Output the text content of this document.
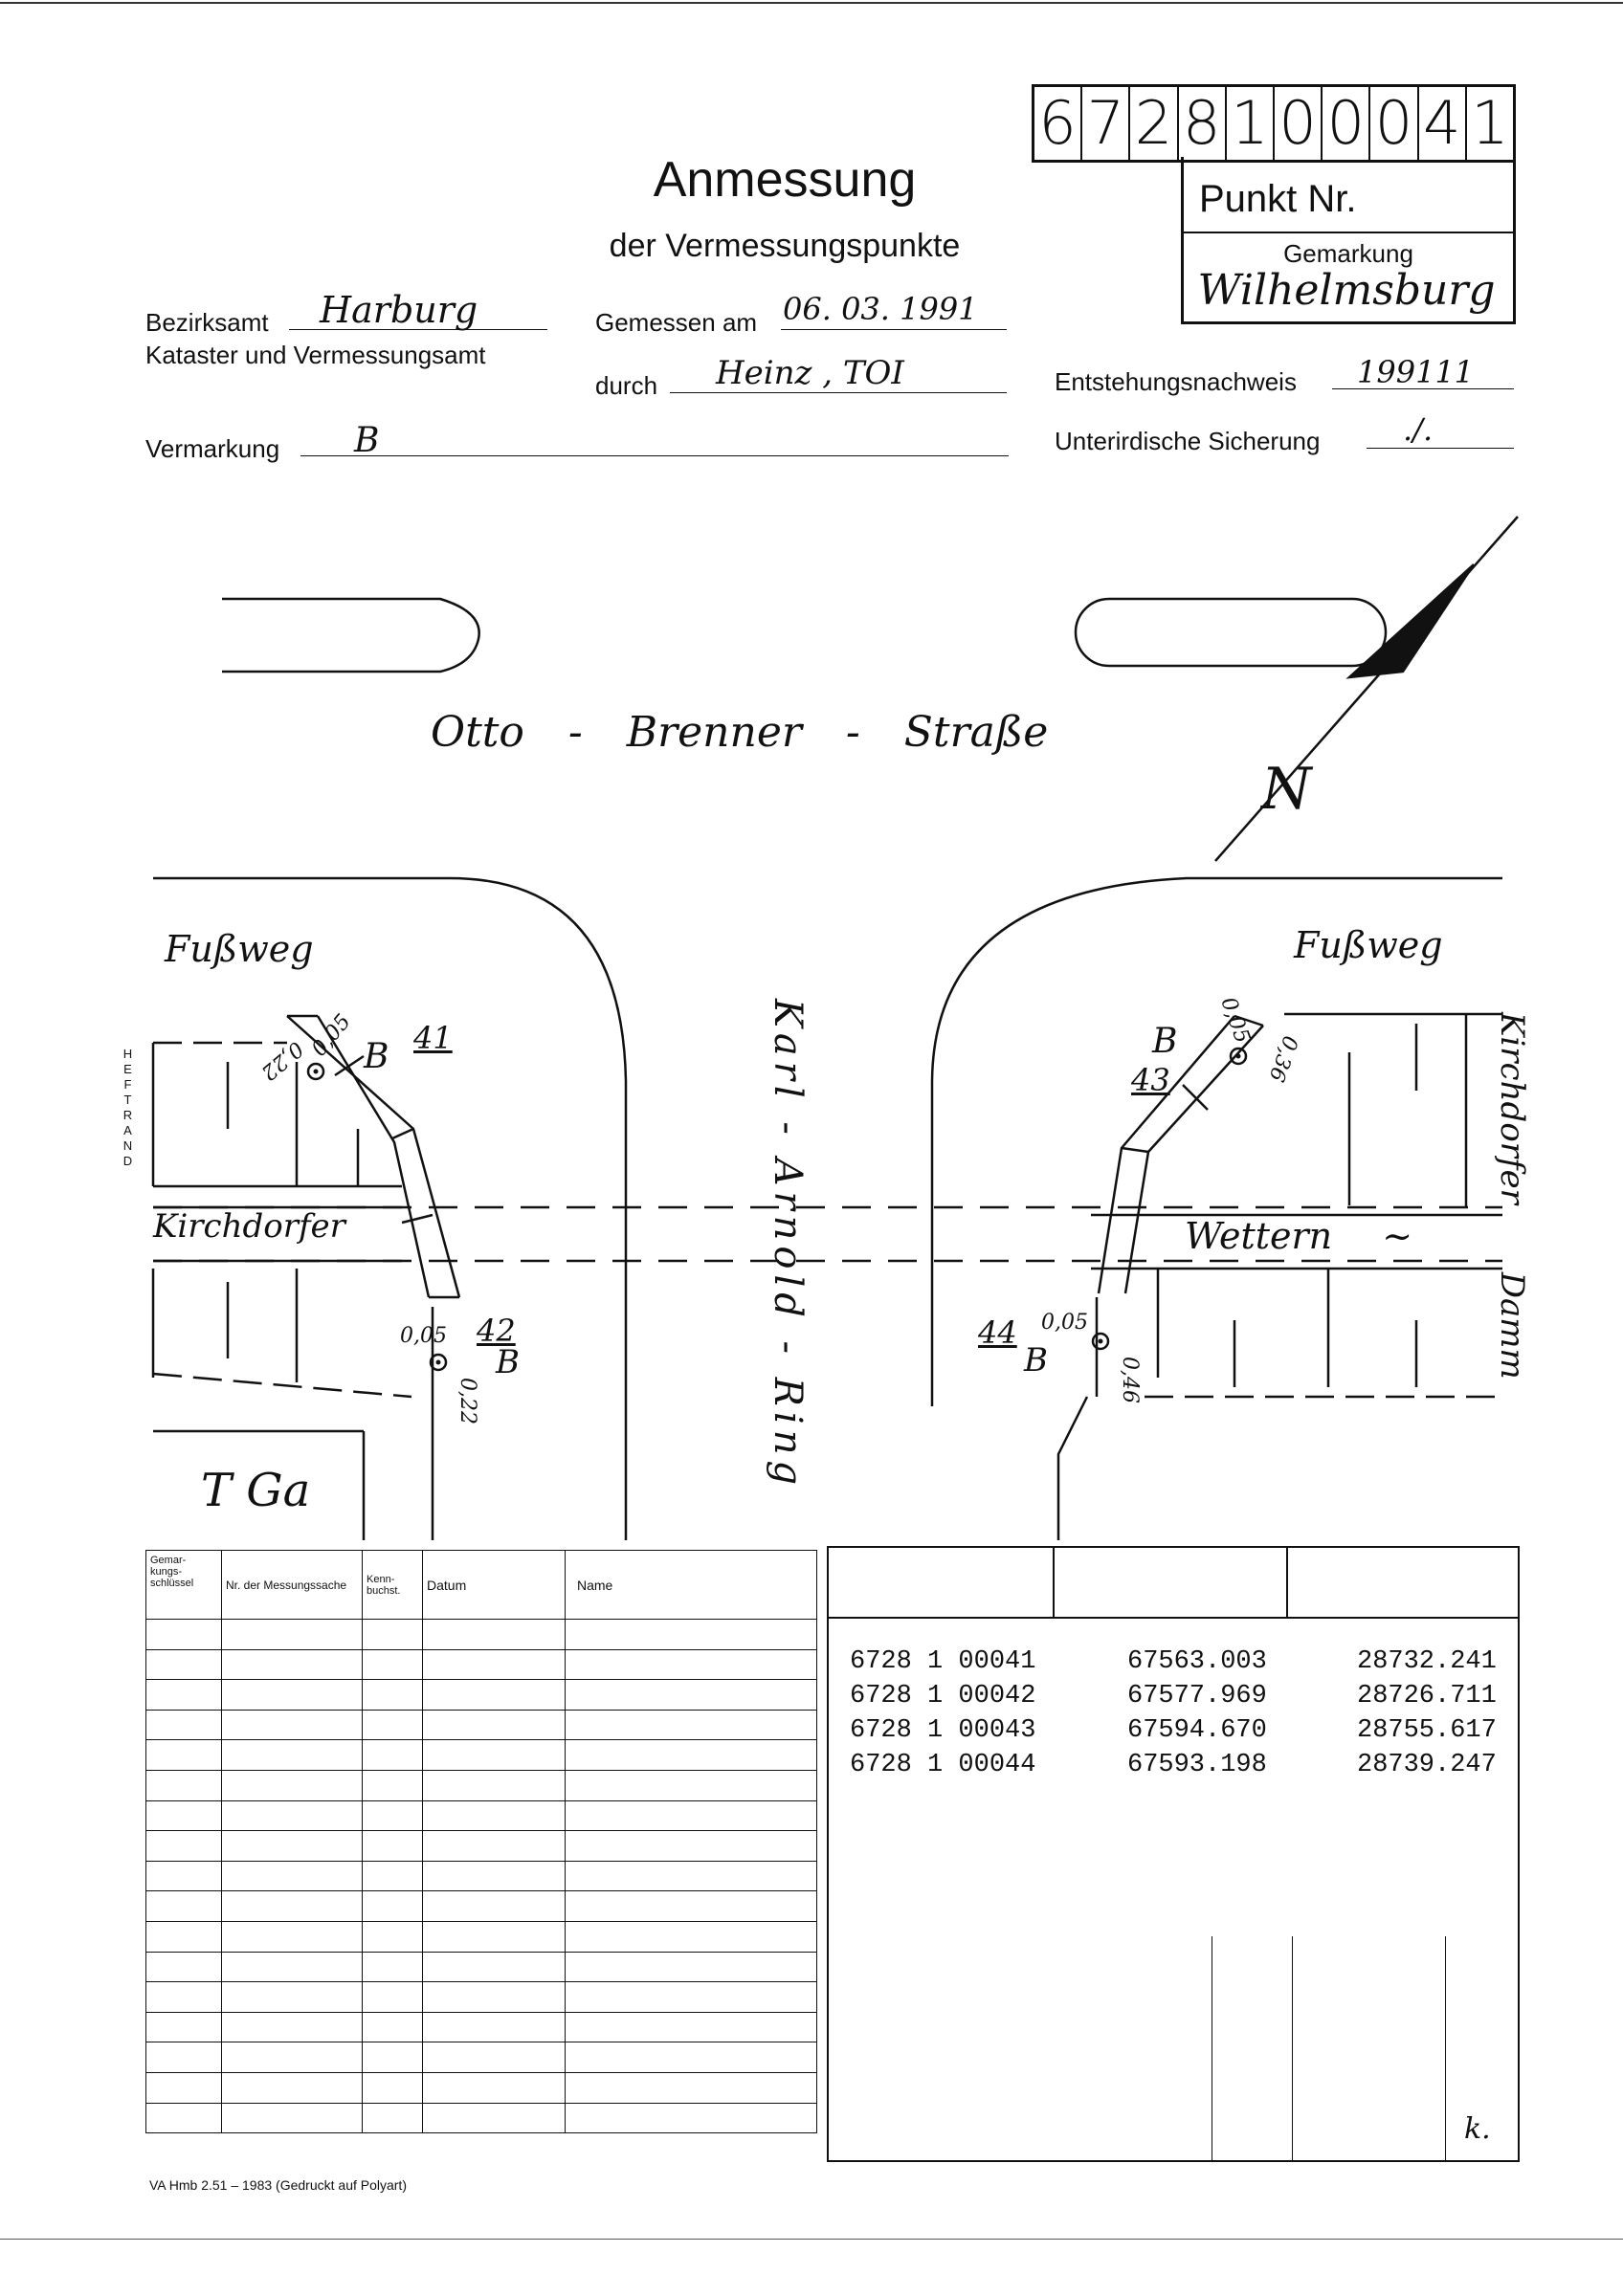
Anmessung
der Vermessungspunkte
6 7 2 8 1 0 0 0 4 1
Punkt Nr.
Gemarkung
Wilhelmsburg
Bezirksamt Harburg
Kataster und Vermessungsamt
Gemessen am 06. 03. 1991
durch Heinz , TOI	Entstehungsnachweis 199111
Vermarkung B	Unterirdische Sicherung	./.
Otto - Brenner - Straße
N
Fußweg	Fußweg
Karl - Arnold - Ring
Kirchdorfer	Wettern ~ Kirchdorfer Damm
T Ga
HEFTRAND	B 41
0,05
0,22
42
B
0,05
0,22
B
43
0,05
0,36
44
B
0,05
0,46
Gemar-kungs-schlüssel	Nr. der Messungssache	Kenn-buchst.	Datum	Name

6728 1 00041	67563.003	28732.241
6728 1 00042	67577.969	28726.711
6728 1 00043	67594.670	28755.617
6728 1 00044	67593.198	28739.247
k.
VA Hmb 2.51 – 1983 (Gedruckt auf Polyart)
